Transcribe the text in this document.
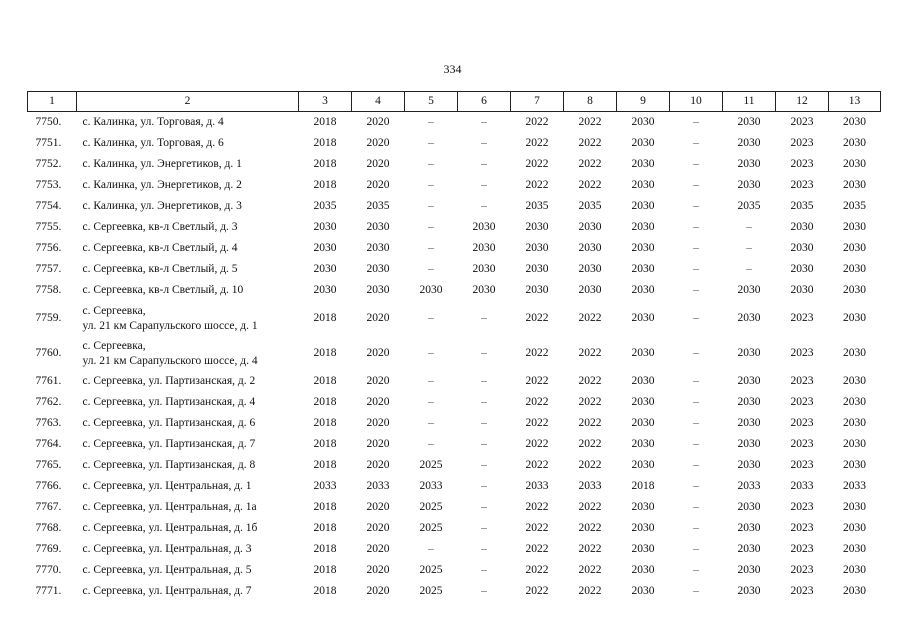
334
1	2	3	4	5	6	7	8	9	10	11	12	13
7750.	с. Калинка, ул. Торговая, д. 4	2018	2020	–	–	2022	2022	2030	–	2030	2023	2030
7751.	с. Калинка, ул. Торговая, д. 6	2018	2020	–	–	2022	2022	2030	–	2030	2023	2030
7752.	с. Калинка, ул. Энергетиков, д. 1	2018	2020	–	–	2022	2022	2030	–	2030	2023	2030
7753.	с. Калинка, ул. Энергетиков, д. 2	2018	2020	–	–	2022	2022	2030	–	2030	2023	2030
7754.	с. Калинка, ул. Энергетиков, д. 3	2035	2035	–	–	2035	2035	2030	–	2035	2035	2035
7755.	с. Сергеевка, кв-л Светлый, д. 3	2030	2030	–	2030	2030	2030	2030	–	–	2030	2030
7756.	с. Сергеевка, кв-л Светлый, д. 4	2030	2030	–	2030	2030	2030	2030	–	–	2030	2030
7757.	с. Сергеевка, кв-л Светлый, д. 5	2030	2030	–	2030	2030	2030	2030	–	–	2030	2030
7758.	с. Сергеевка, кв-л Светлый, д. 10	2030	2030	2030	2030	2030	2030	2030	–	2030	2030	2030
7759.	с. Сергеевка,
ул. 21 км Сарапульского шоссе, д. 1	2018	2020	–	–	2022	2022	2030	–	2030	2023	2030
7760.	с. Сергеевка,
ул. 21 км Сарапульского шоссе, д. 4	2018	2020	–	–	2022	2022	2030	–	2030	2023	2030
7761.	с. Сергеевка, ул. Партизанская, д. 2	2018	2020	–	–	2022	2022	2030	–	2030	2023	2030
7762.	с. Сергеевка, ул. Партизанская, д. 4	2018	2020	–	–	2022	2022	2030	–	2030	2023	2030
7763.	с. Сергеевка, ул. Партизанская, д. 6	2018	2020	–	–	2022	2022	2030	–	2030	2023	2030
7764.	с. Сергеевка, ул. Партизанская, д. 7	2018	2020	–	–	2022	2022	2030	–	2030	2023	2030
7765.	с. Сергеевка, ул. Партизанская, д. 8	2018	2020	2025	–	2022	2022	2030	–	2030	2023	2030
7766.	с. Сергеевка, ул. Центральная, д. 1	2033	2033	2033	–	2033	2033	2018	–	2033	2033	2033
7767.	с. Сергеевка, ул. Центральная, д. 1а	2018	2020	2025	–	2022	2022	2030	–	2030	2023	2030
7768.	с. Сергеевка, ул. Центральная, д. 1б	2018	2020	2025	–	2022	2022	2030	–	2030	2023	2030
7769.	с. Сергеевка, ул. Центральная, д. 3	2018	2020	–	–	2022	2022	2030	–	2030	2023	2030
7770.	с. Сергеевка, ул. Центральная, д. 5	2018	2020	2025	–	2022	2022	2030	–	2030	2023	2030
7771.	с. Сергеевка, ул. Центральная, д. 7	2018	2020	2025	–	2022	2022	2030	–	2030	2023	2030
